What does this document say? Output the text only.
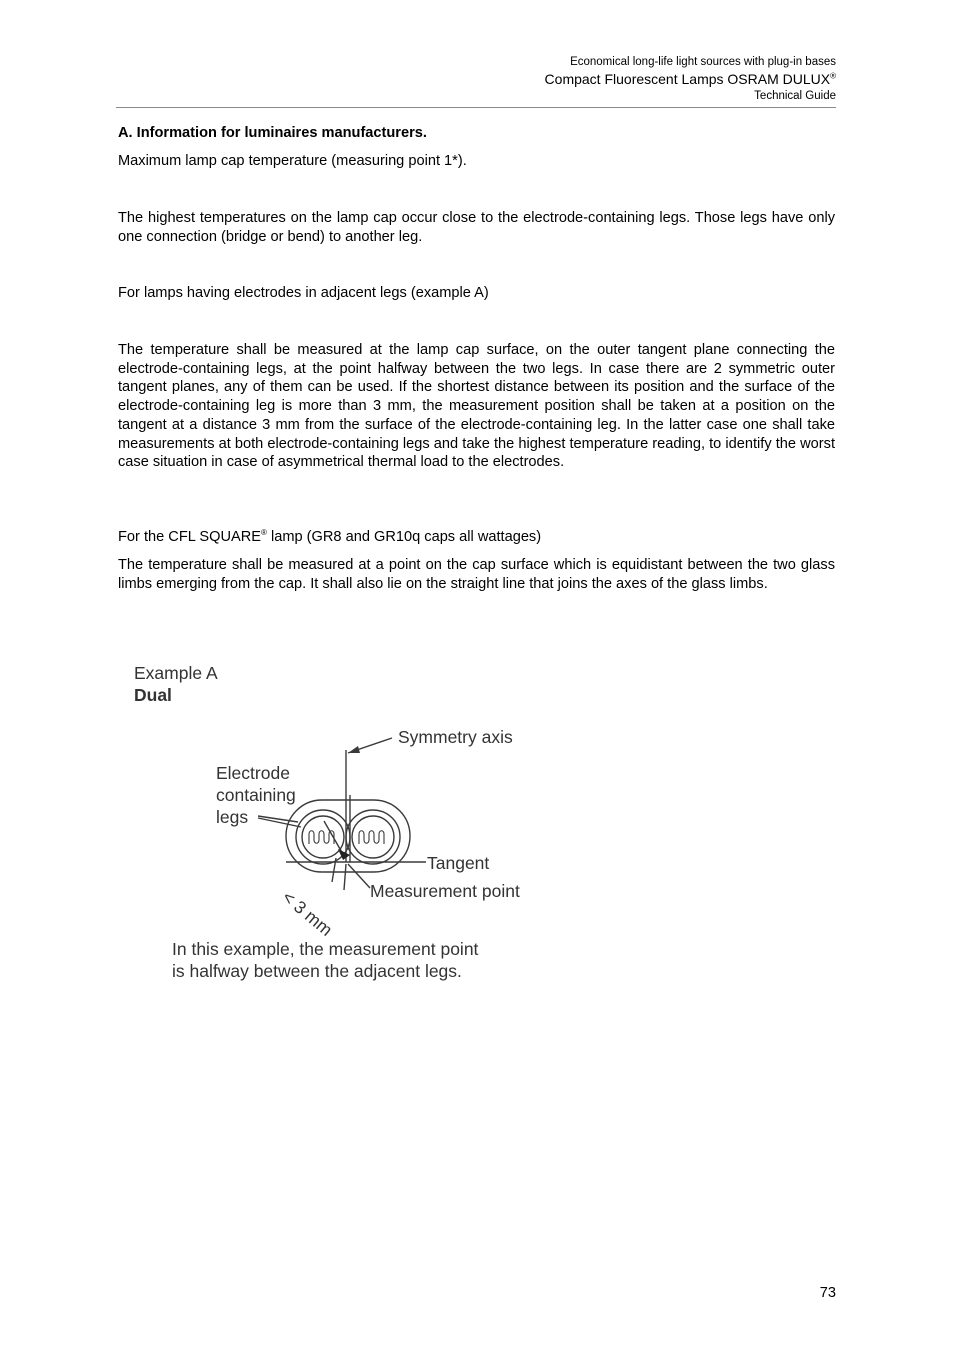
Economical long-life light sources with plug-in bases
Compact Fluorescent Lamps OSRAM DULUX®
Technical Guide
A. Information for luminaires manufacturers.
Maximum lamp cap temperature (measuring point 1*).
The highest temperatures on the lamp cap occur close to the electrode-containing legs. Those legs have only one connection (bridge or bend) to another leg.
For lamps having electrodes in adjacent legs (example A)
The temperature shall be measured at the lamp cap surface, on the outer tangent plane connecting the electrode-containing legs, at the point halfway between the two legs. In case there are 2 symmetric outer tangent planes, any of them can be used. If the shortest distance between its position and the surface of the electrode-containing leg is more than 3 mm, the measurement position shall be taken at a position on the tangent at a distance 3 mm from the surface of the electrode-containing leg. In the latter case one shall take measurements at both electrode-containing legs and take the highest temperature reading, to identify the worst case situation in case of asymmetrical thermal load to the electrodes.
For the CFL SQUARE® lamp (GR8 and GR10q caps all wattages)
The temperature shall be measured at a point on the cap surface which is equidistant between the two glass limbs emerging from the cap. It shall also lie on the straight line that joins the axes of the glass limbs.
Example A
Dual
Symmetry axis
Electrode
containing
legs
Tangent
Measurement point
< 3 mm
In this example, the measurement point
is halfway between the adjacent legs.
73
